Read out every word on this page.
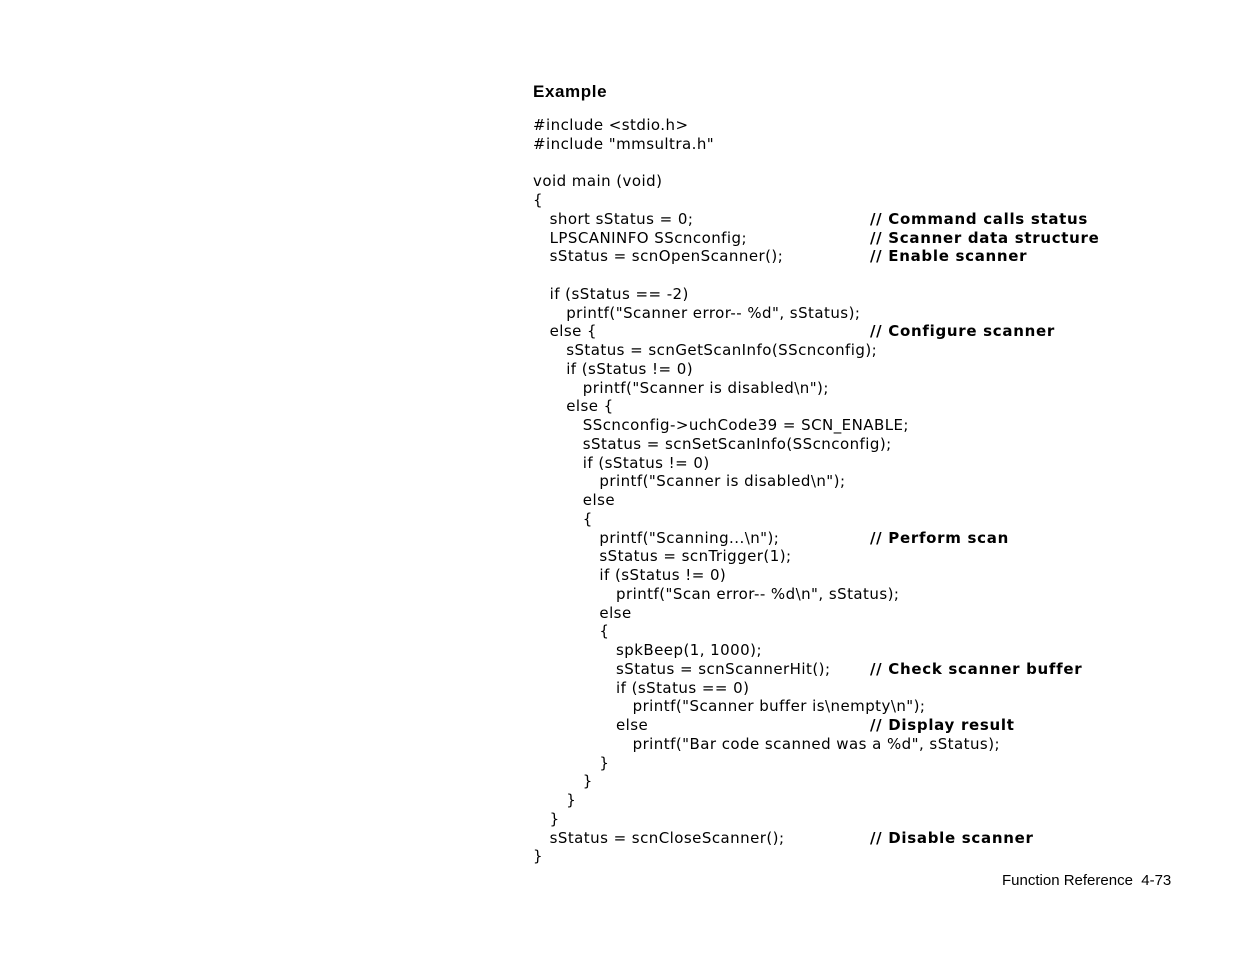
Example
#include <stdio.h>
#include "mmsultra.h"
void main (void)
{
short sStatus = 0;	// Command calls status
LPSCANINFO SScnconfig;	// Scanner data structure
sStatus = scnOpenScanner();	// Enable scanner
if (sStatus == -2)
printf("Scanner error-- %d", sStatus);
else {	// Configure scanner
sStatus = scnGetScanInfo(SScnconfig);
if (sStatus != 0)
printf("Scanner is disabled\n");
else {
SScnconfig->uchCode39 = SCN_ENABLE;
sStatus = scnSetScanInfo(SScnconfig);
if (sStatus != 0)
printf("Scanner is disabled\n");
else
{
printf("Scanning...\n");	// Perform scan
sStatus = scnTrigger(1);
if (sStatus != 0)
printf("Scan error-- %d\n", sStatus);
else
{
spkBeep(1, 1000);
sStatus = scnScannerHit();	// Check scanner buffer
if (sStatus == 0)
printf("Scanner buffer is\nempty\n");
else	// Display result
printf("Bar code scanned was a %d", sStatus);
}
}
}
}
sStatus = scnCloseScanner();	// Disable scanner
}
Function Reference  4-73
